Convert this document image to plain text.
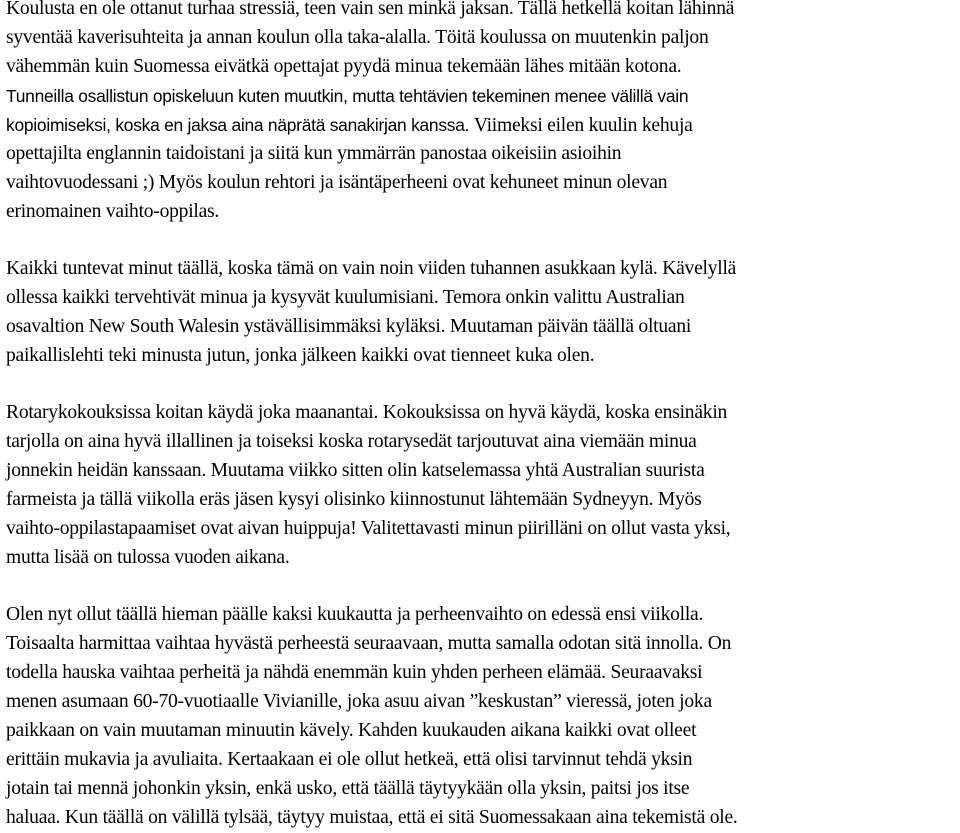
Koulusta en ole ottanut turhaa stressiä, teen vain sen minkä jaksan. Tällä hetkellä koitan lähinnä
syventää kaverisuhteita ja annan koulun olla taka-alalla. Töitä koulussa on muutenkin paljon
vähemmän kuin Suomessa eivätkä opettajat pyydä minua tekemään lähes mitään kotona.
Tunneilla osallistun opiskeluun kuten muutkin, mutta tehtävien tekeminen menee välillä vain
kopioimiseksi, koska en jaksa aina näprätä sanakirjan kanssa. Viimeksi eilen kuulin kehuja
opettajilta englannin taidoistani ja siitä kun ymmärrän panostaa oikeisiin asioihin
vaihtovuodessani ;) Myös koulun rehtori ja isäntäperheeni ovat kehuneet minun olevan
erinomainen vaihto-oppilas.
Kaikki tuntevat minut täällä, koska tämä on vain noin viiden tuhannen asukkaan kylä. Kävelyllä
ollessa kaikki tervehtivät minua ja kysyvät kuulumisiani. Temora onkin valittu Australian
osavaltion New South Walesin ystävällisimmäksi kyläksi. Muutaman päivän täällä oltuani
paikallislehti teki minusta jutun, jonka jälkeen kaikki ovat tienneet kuka olen.
Rotarykokouksissa koitan käydä joka maanantai. Kokouksissa on hyvä käydä, koska ensinäkin
tarjolla on aina hyvä illallinen ja toiseksi koska rotarysedät tarjoutuvat aina viemään minua
jonnekin heidän kanssaan. Muutama viikko sitten olin katselemassa yhtä Australian suurista
farmeista ja tällä viikolla eräs jäsen kysyi olisinko kiinnostunut lähtemään Sydneyyn. Myös
vaihto-oppilastapaamiset ovat aivan huippuja! Valitettavasti minun piirilläni on ollut vasta yksi,
mutta lisää on tulossa vuoden aikana.
Olen nyt ollut täällä hieman päälle kaksi kuukautta ja perheenvaihto on edessä ensi viikolla.
Toisaalta harmittaa vaihtaa hyvästä perheestä seuraavaan, mutta samalla odotan sitä innolla. On
todella hauska vaihtaa perheitä ja nähdä enemmän kuin yhden perheen elämää. Seuraavaksi
menen asumaan 60-70-vuotiaalle Vivianille, joka asuu aivan ”keskustan” vieressä, joten joka
paikkaan on vain muutaman minuutin kävely. Kahden kuukauden aikana kaikki ovat olleet
erittäin mukavia ja avuliaita. Kertaakaan ei ole ollut hetkeä, että olisi tarvinnut tehdä yksin
jotain tai mennä johonkin yksin, enkä usko, että täällä täytyykään olla yksin, paitsi jos itse
haluaa. Kun täällä on välillä tylsää, täytyy muistaa, että ei sitä Suomessakaan aina tekemistä ole.
